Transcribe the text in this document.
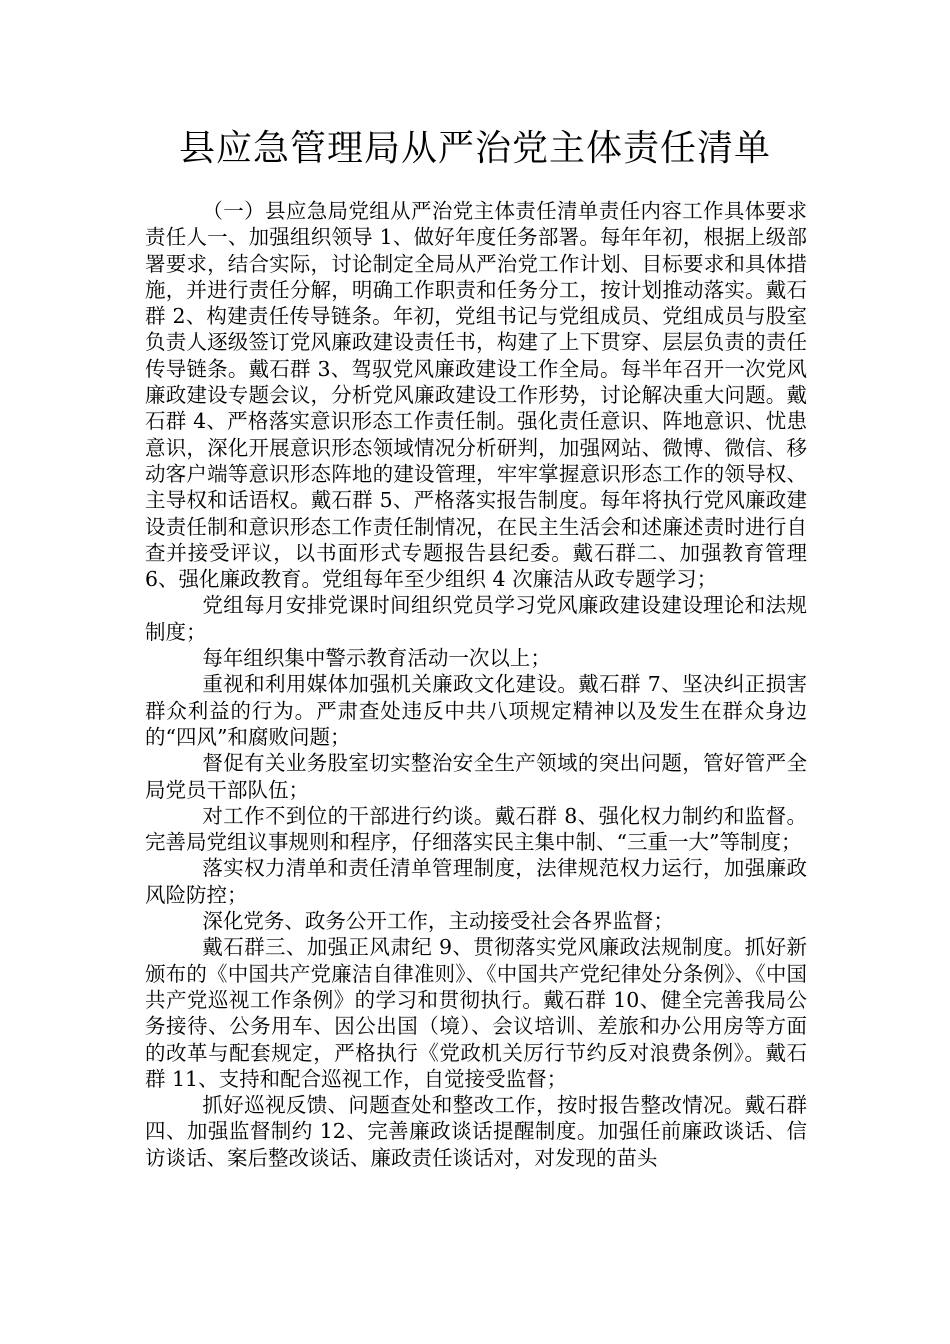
县应急管理局从严治党主体责任清单

（一）县应急局党组从严治党主体责任清单责任内容工作具体要求责任人一、加强组织领导 1、做好年度任务部署。每年年初，根据上级部署要求，结合实际，讨论制定全局从严治党工作计划、目标要求和具体措施，并进行责任分解，明确工作职责和任务分工，按计划推动落实。戴石群 2、构建责任传导链条。年初，党组书记与党组成员、党组成员与股室负责人逐级签订党风廉政建设责任书，构建了上下贯穿、层层负责的责任传导链条。戴石群 3、驾驭党风廉政建设工作全局。每半年召开一次党风廉政建设专题会议，分析党风廉政建设工作形势，讨论解决重大问题。戴石群 4、严格落实意识形态工作责任制。强化责任意识、阵地意识、忧患意识，深化开展意识形态领域情况分析研判，加强网站、微博、微信、移动客户端等意识形态阵地的建设管理，牢牢掌握意识形态工作的领导权、主导权和话语权。戴石群 5、严格落实报告制度。每年将执行党风廉政建设责任制和意识形态工作责任制情况，在民主生活会和述廉述责时进行自查并接受评议，以书面形式专题报告县纪委。戴石群二、加强教育管理 6、强化廉政教育。党组每年至少组织 4 次廉洁从政专题学习；

党组每月安排党课时间组织党员学习党风廉政建设建设理论和法规制度；

每年组织集中警示教育活动一次以上；

重视和利用媒体加强机关廉政文化建设。戴石群 7、坚决纠正损害群众利益的行为。严肃查处违反中共八项规定精神以及发生在群众身边的“四风”和腐败问题；

督促有关业务股室切实整治安全生产领域的突出问题，管好管严全局党员干部队伍；

对工作不到位的干部进行约谈。戴石群 8、强化权力制约和监督。完善局党组议事规则和程序，仔细落实民主集中制、“三重一大”等制度；

落实权力清单和责任清单管理制度，法律规范权力运行，加强廉政风险防控；

深化党务、政务公开工作，主动接受社会各界监督；

戴石群三、加强正风肃纪 9、贯彻落实党风廉政法规制度。抓好新颁布的《中国共产党廉洁自律准则》、《中国共产党纪律处分条例》、《中国共产党巡视工作条例》的学习和贯彻执行。戴石群 10、健全完善我局公务接待、公务用车、因公出国（境）、会议培训、差旅和办公用房等方面的改革与配套规定，严格执行《党政机关厉行节约反对浪费条例》。戴石群 11、支持和配合巡视工作，自觉接受监督；

抓好巡视反馈、问题查处和整改工作，按时报告整改情况。戴石群四、加强监督制约 12、完善廉政谈话提醒制度。加强任前廉政谈话、信访谈话、案后整改谈话、廉政责任谈话对，对发现的苗头
